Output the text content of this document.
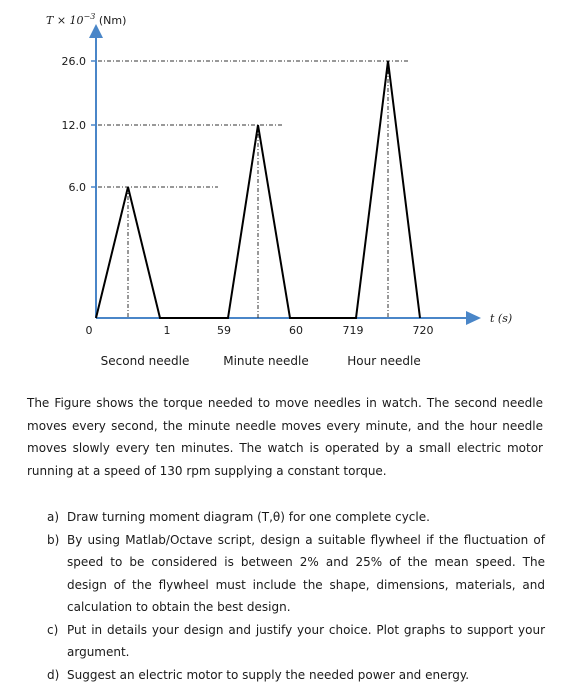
$T \times 10^{-3}$ (Nm)
26.0
12.0
6.0
0	1	59	60	719	720
t (s)
Second needle	Minute needle	Hour needle

The Figure shows the torque needed to move needles in watch. The second needle moves every second, the minute needle moves every minute, and the hour needle moves slowly every ten minutes. The watch is operated by a small electric motor running at a speed of 130 rpm supplying a constant torque.

a) Draw turning moment diagram (T,θ) for one complete cycle.
b) By using Matlab/Octave script, design a suitable flywheel if the fluctuation of speed to be considered is between 2% and 25% of the mean speed. The design of the flywheel must include the shape, dimensions, materials, and calculation to obtain the best design.
c) Put in details your design and justify your choice. Plot graphs to support your argument.
d) Suggest an electric motor to supply the needed power and energy.
